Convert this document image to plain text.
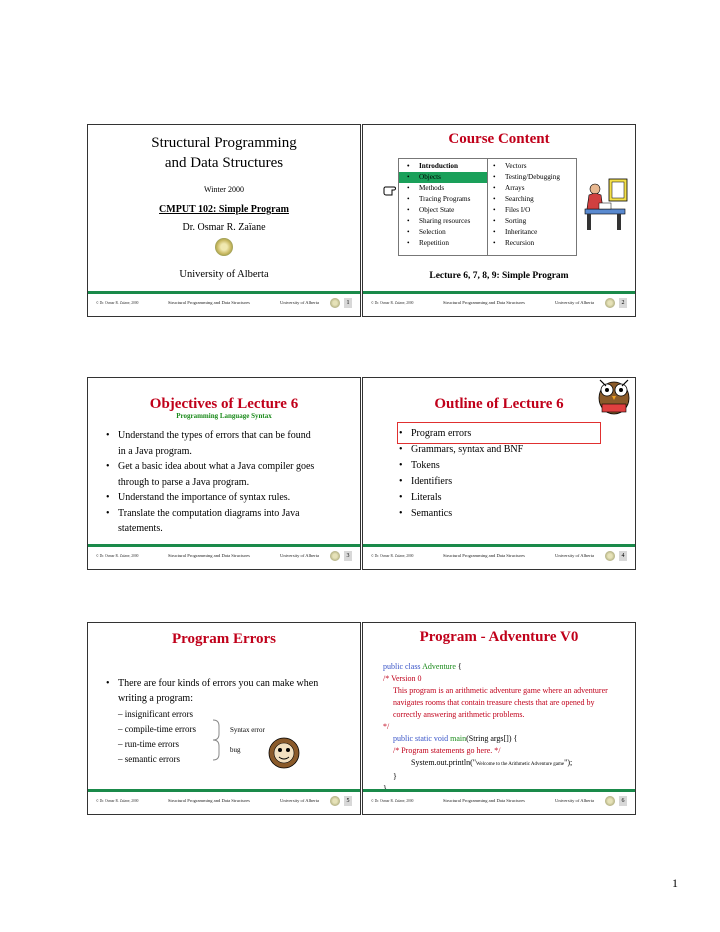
Structural Programming
and Data Structures
Winter 2000
CMPUT 102: Simple Program
Dr. Osmar R. Zaïane
University of Alberta
© Dr. Osmar R. Zaïane, 2000	Structural Programming and Data Structures	University of Alberta	1
Course Content
• Introduction
• Objects
• Methods
• Tracing Programs
• Object State
• Sharing resources
• Selection
• Repetition
• Vectors
• Testing/Debugging
• Arrays
• Searching
• Files I/O
• Sorting
• Inheritance
• Recursion
Lecture 6, 7, 8, 9: Simple Program
© Dr. Osmar R. Zaïane, 2000	Structural Programming and Data Structures	University of Alberta	2
Objectives of Lecture 6
Programming Language Syntax
• Understand the types of errors that can be found in a Java program.
• Get a basic idea about what a Java compiler goes through to parse a Java program.
• Understand the importance of syntax rules.
• Translate the computation diagrams into Java statements.
© Dr. Osmar R. Zaïane, 2000	Structural Programming and Data Structures	University of Alberta	3
Outline of Lecture 6
• Program errors
• Grammars, syntax and BNF
• Tokens
• Identifiers
• Literals
• Semantics
© Dr. Osmar R. Zaïane, 2000	Structural Programming and Data Structures	University of Alberta	4
Program Errors
• There are four kinds of errors you can make when writing a program:
– insignificant errors
– compile-time errors
– run-time errors
– semantic errors
Syntax error
bug
© Dr. Osmar R. Zaïane, 2000	Structural Programming and Data Structures	University of Alberta	5
Program - Adventure V0
public class Adventure {
/* Version 0
This program is an arithmetic adventure game where an adventurer
navigates rooms that contain treasure chests that are opened by
correctly answering arithmetic problems.
*/
public static void main(String args[]) {
/* Program statements go here. */
System.out.println("Welcome to the Arithmetic Adventure game");
}
}
© Dr. Osmar R. Zaïane, 2000	Structural Programming and Data Structures	University of Alberta	6
1
